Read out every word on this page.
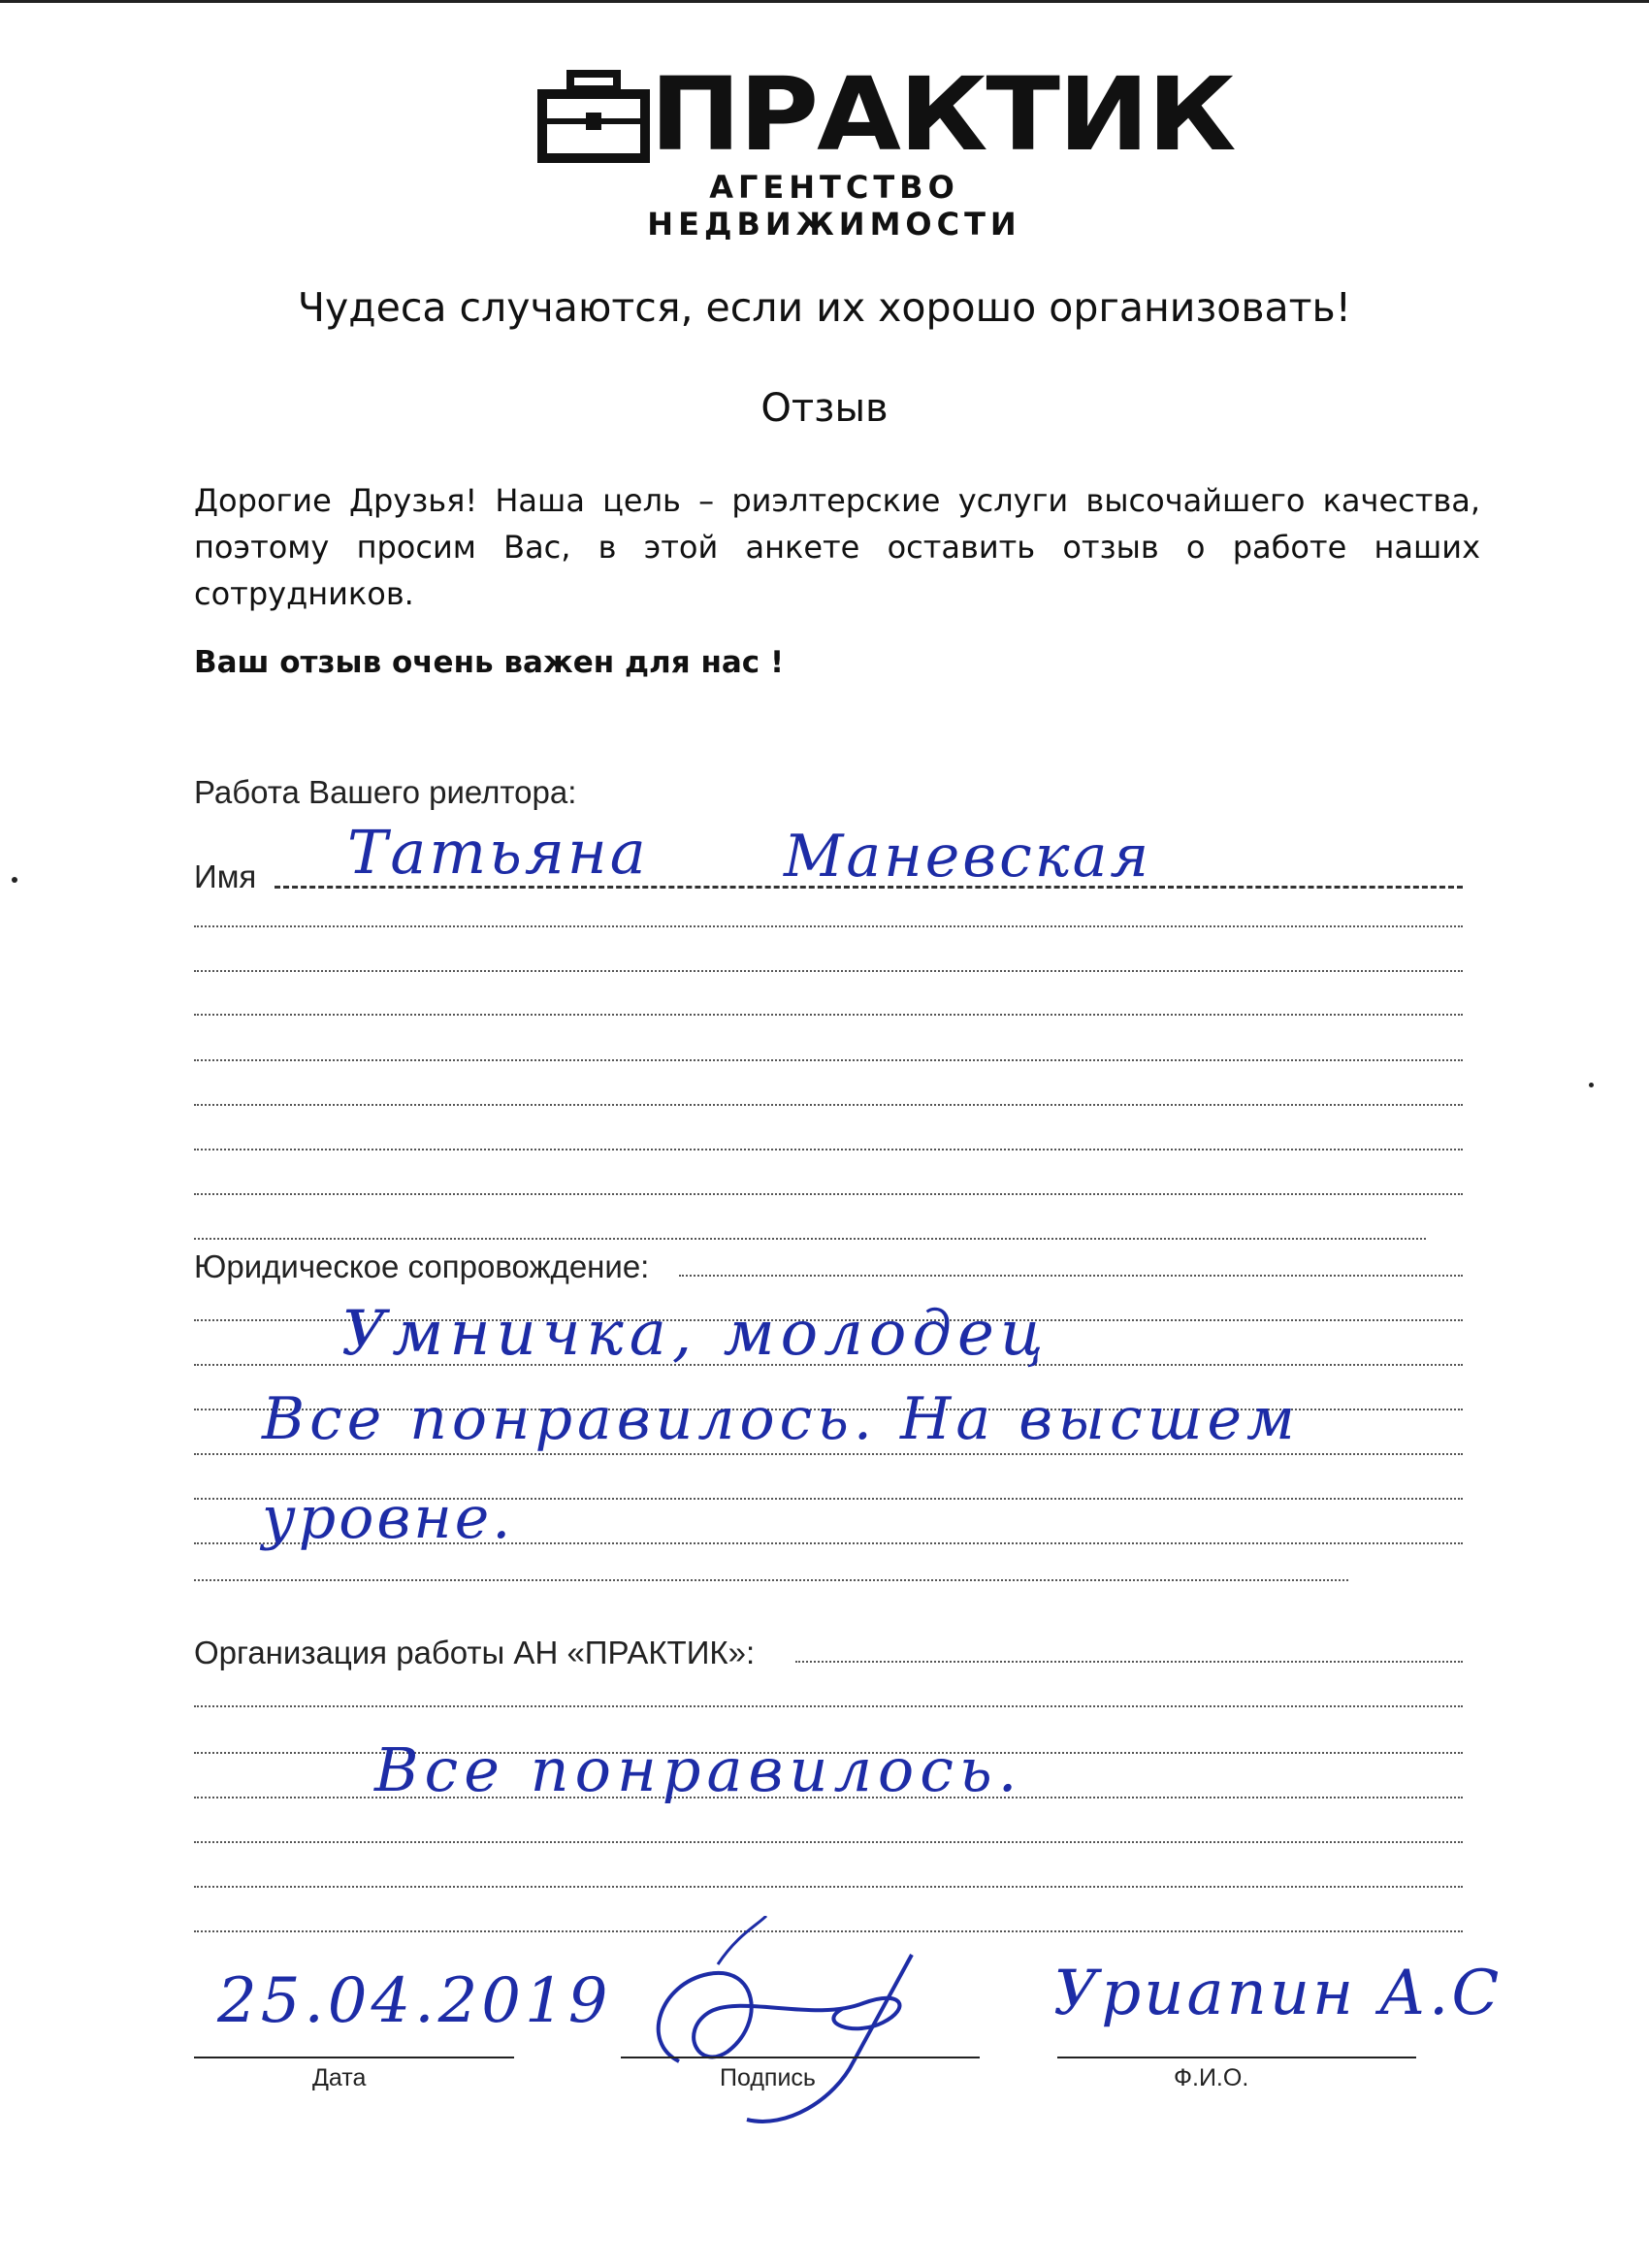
ПРАКТИК
АГЕНТСТВО НЕДВИЖИМОСТИ
Чудеса случаются, если их хорошо организовать!
Отзыв
Дорогие Друзья! Наша цель – риэлтерские услуги высочайшего качества, поэтому просим Вас, в этой анкете оставить отзыв о работе наших сотрудников.
Ваш отзыв очень важен для нас !
Работа Вашего риелтора:
Имя Татьяна Маневская
Юридическое сопровождение:
Умничка, молодец
Все понравилось. На высшем
уровне.
Организация работы АН «ПРАКТИК»:
Все понравилось.
25.04.2019
Дата	Подпись
Уриапин А.С
Ф.И.О.
